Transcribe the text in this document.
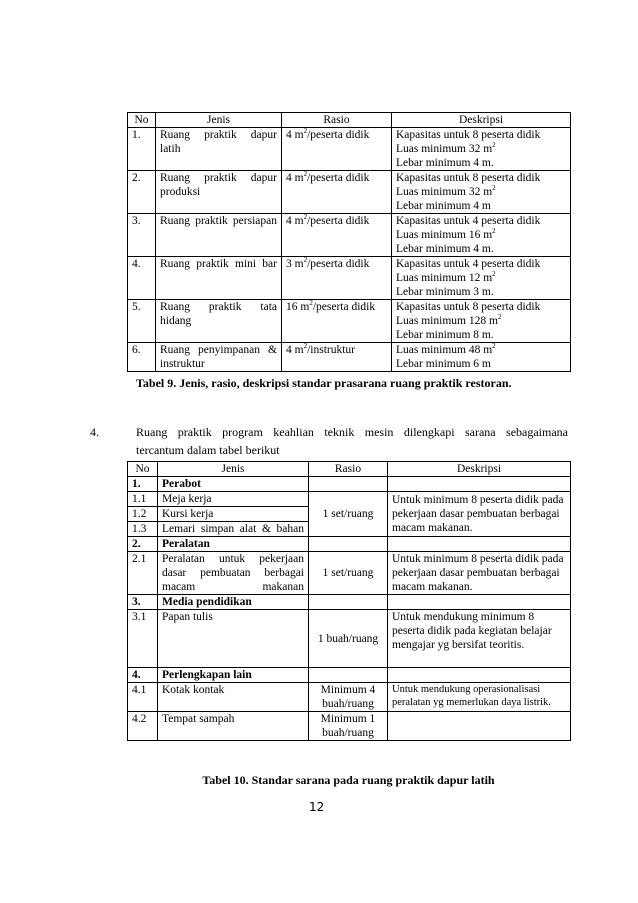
No	Jenis	Rasio	Deskripsi
1.	Ruang praktik dapur latih	4 $m^2$/peserta didik	Kapasitas untuk 8 peserta didik
Luas minimum 32 $m^2$
Lebar minimum 4 m.

2.	Ruang praktik dapur produksi	4 $m^2$/peserta didik	Kapasitas untuk 8 peserta didik
Luas minimum 32 $m^2$
Lebar minimum 4 m

3.	Ruang praktik persiapan	4 $m^2$/peserta didik	Kapasitas untuk 4 peserta didik
Luas minimum 16 $m^2$
Lebar minimum 4 m.

4.	Ruang praktik mini bar	3 $m^2$/peserta didik	Kapasitas untuk 4 peserta didik
Luas minimum 12 $m^2$
Lebar minimum 3 m.

5.	Ruang praktik tata hidang	16 $m^2$/peserta didik	Kapasitas untuk 8 peserta didik
Luas minimum 128 $m^2$
Lebar minimum 8 m.

6.	Ruang penyimpanan & instruktur	4 $m^2$/instruktur	Luas minimum 48 $m^2$
Lebar minimum 6 m
Tabel 9. Jenis, rasio, deskripsi standar prasarana ruang praktik restoran.
4.	Ruang praktik program keahlian teknik mesin dilengkapi sarana sebagaimana
tercantum dalam tabel berikut
No	Jenis	Rasio	Deskripsi
1.	Perabot		
1.1	Meja kerja	1 set/ruang	Untuk minimum 8 peserta didik pada pekerjaan dasar pembuatan berbagai macam makanan.
1.2	Kursi kerja		
1.3	Lemari simpan alat & bahan		
2.	Peralatan		
2.1	Peralatan untuk pekerjaan dasar pembuatan berbagai macam makanan	1 set/ruang	Untuk minimum 8 peserta didik pada pekerjaan dasar pembuatan berbagai macam makanan.
3.	Media pendidikan		
3.1	Papan tulis	1 buah/ruang	Untuk mendukung minimum 8 peserta didik pada kegiatan belajar mengajar yg bersifat teoritis.
4.	Perlengkapan lain		
4.1	Kotak kontak	Minimum 4 buah/ruang	Untuk mendukung operasionalisasi peralatan yg memerlukan daya listrik.
4.2	Tempat sampah	Minimum 1 buah/ruang	
Tabel 10. Standar sarana pada ruang praktik dapur latih
12
